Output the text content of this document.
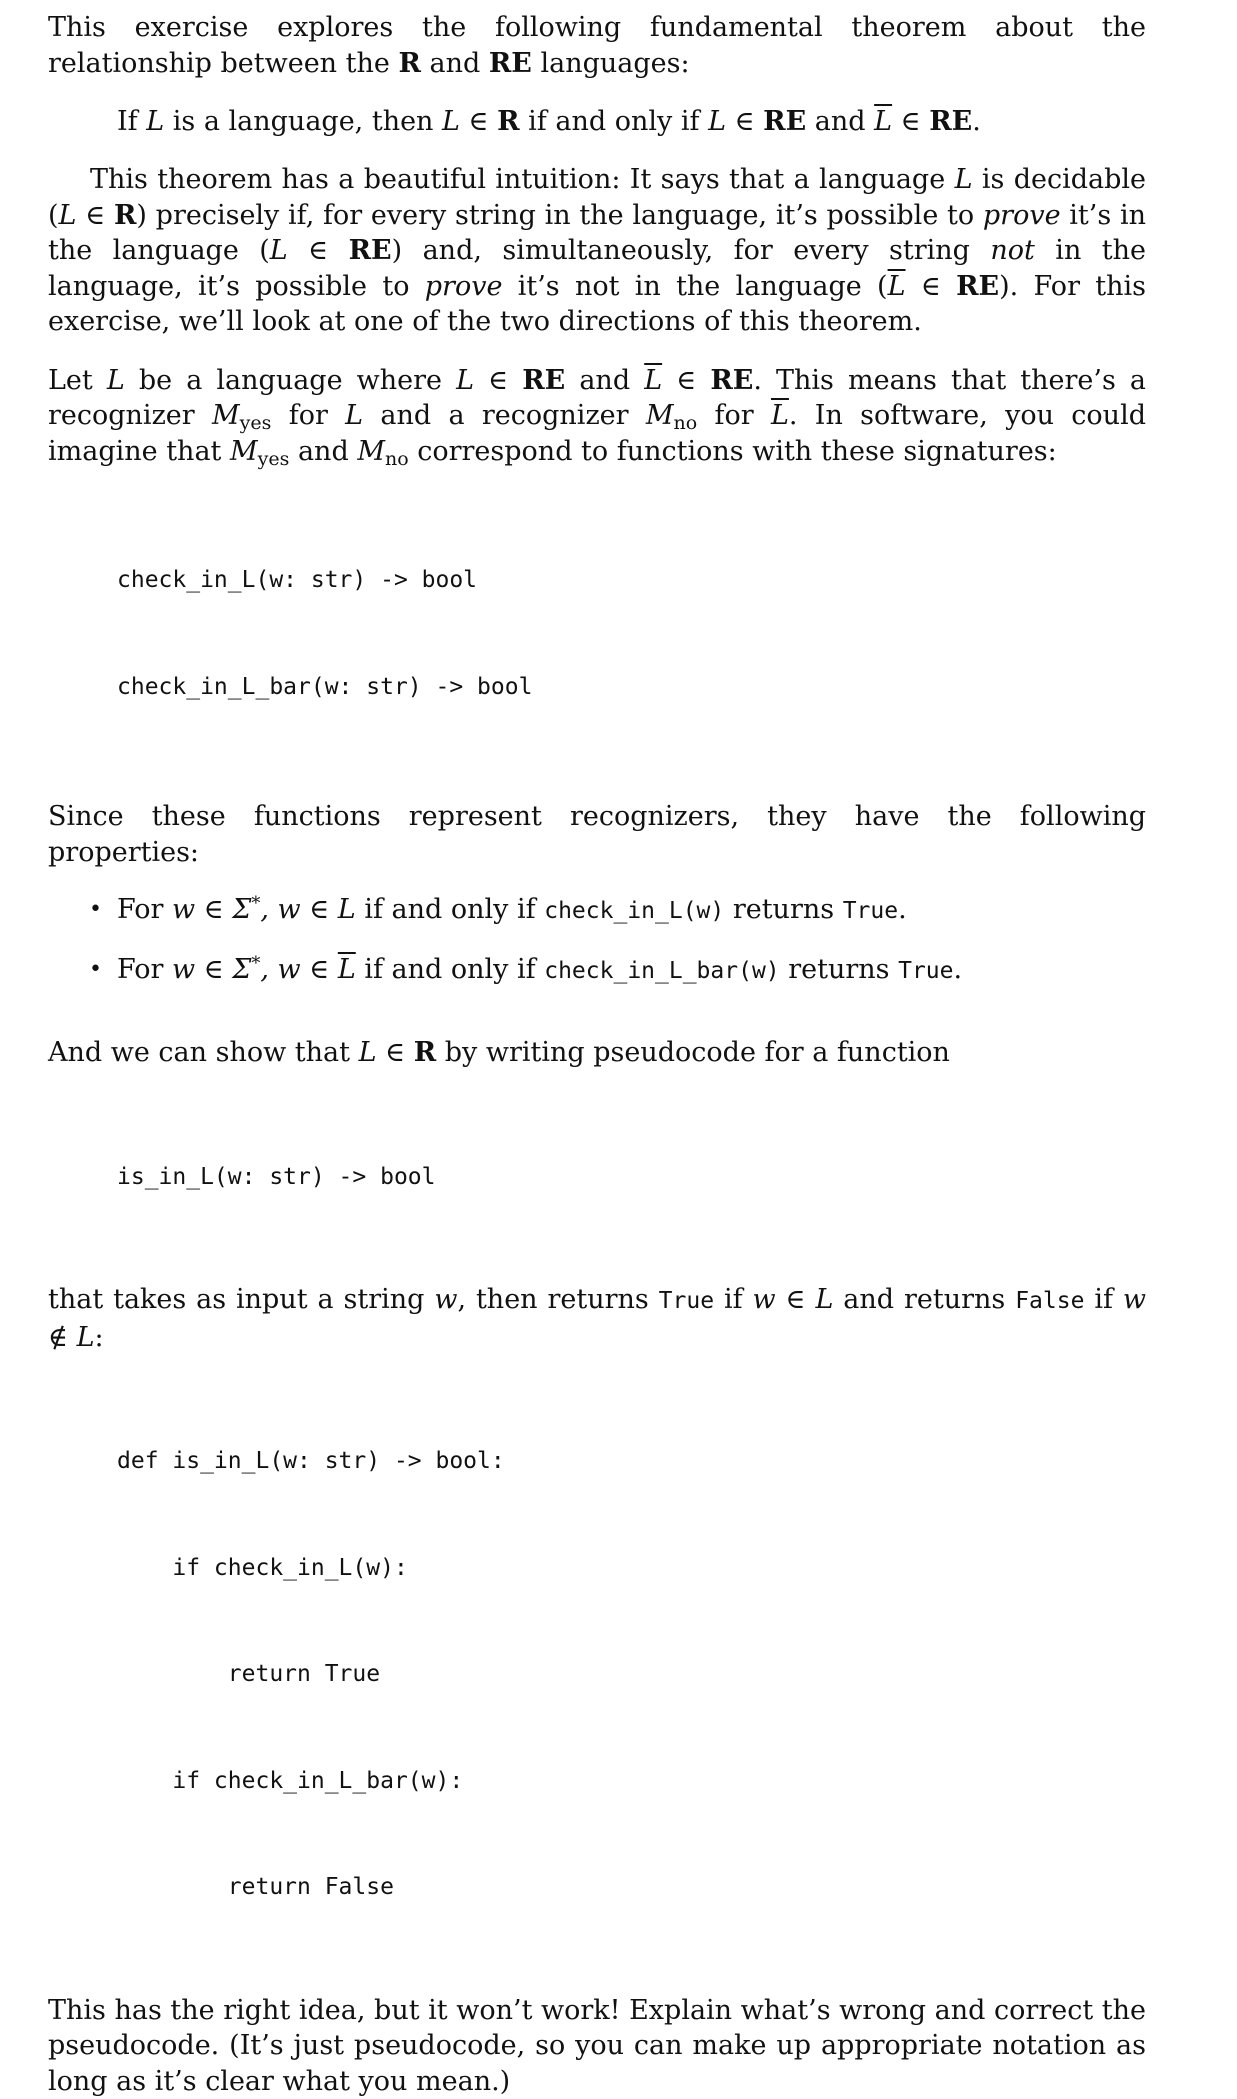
This exercise explores the following fundamental theorem about the relationship between the R and RE languages:

If L is a language, then L ∈ R if and only if L ∈ RE and $\overline{L}$ ∈ RE.

This theorem has a beautiful intuition: It says that a language L is decidable (L ∈ R) precisely if, for every string in the language, it’s possible to prove it’s in the language (L ∈ RE) and, simultaneously, for every string not in the language, it’s possible to prove it’s not in the language ($\overline{L}$ ∈ RE). For this exercise, we’ll look at one of the two directions of this theorem.

Let L be a language where L ∈ RE and $\overline{L}$ ∈ RE. This means that there’s a recognizer $M_{yes}$ for L and a recognizer $M_{no}$ for $\overline{L}$. In software, you could imagine that $M_{yes}$ and $M_{no}$ correspond to functions with these signatures:

check_in_L(w: str) -> bool

check_in_L_bar(w: str) -> bool

Since these functions represent recognizers, they have the following properties:

• For w ∈ Σ*, w ∈ L if and only if check_in_L(w) returns True.
• For w ∈ Σ*, w ∈ $\overline{L}$ if and only if check_in_L_bar(w) returns True.

And we can show that L ∈ R by writing pseudocode for a function

is_in_L(w: str) -> bool

that takes as input a string w, then returns True if w ∈ L and returns False if w ∉ L:

def is_in_L(w: str) -> bool:

if check_in_L(w):

return True

if check_in_L_bar(w):

return False

This has the right idea, but it won’t work! Explain what’s wrong and correct the pseudocode. (It’s just pseudocode, so you can make up appropriate notation as long as it’s clear what you mean.)
